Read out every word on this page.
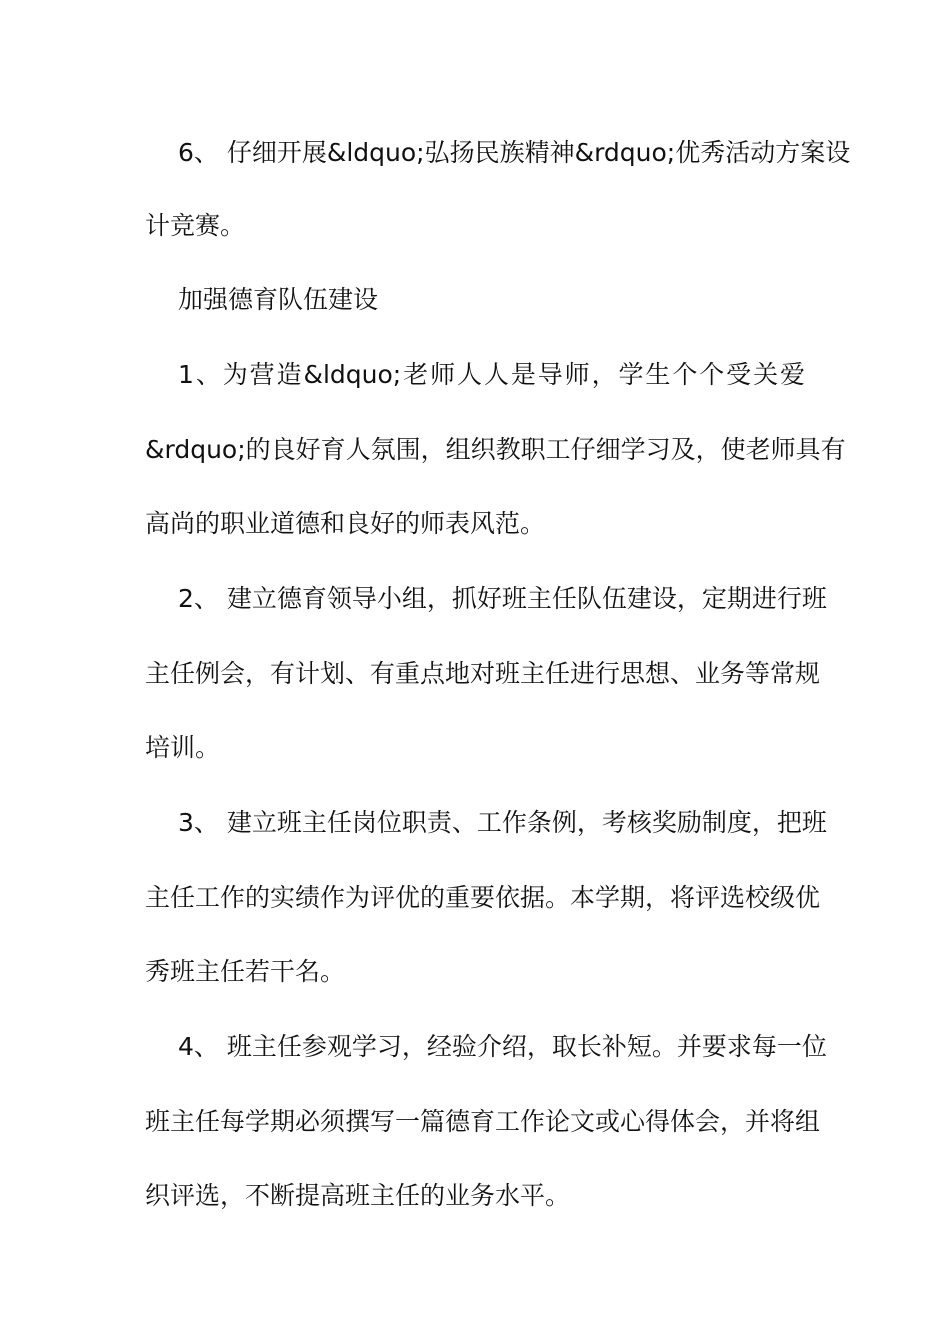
6、 仔细开展&ldquo;弘扬民族精神&rdquo;优秀活动方案设
计竞赛。
加强德育队伍建设
1、为营造&ldquo;老师人人是导师，学生个个受关爱
&rdquo;的良好育人氛围，组织教职工仔细学习及，使老师具有
高尚的职业道德和良好的师表风范。
2、 建立德育领导小组，抓好班主任队伍建设，定期进行班
主任例会，有计划、有重点地对班主任进行思想、业务等常规
培训。
3、 建立班主任岗位职责、工作条例，考核奖励制度，把班
主任工作的实绩作为评优的重要依据。本学期，将评选校级优
秀班主任若干名。
4、 班主任参观学习，经验介绍，取长补短。并要求每一位
班主任每学期必须撰写一篇德育工作论文或心得体会，并将组
织评选，不断提高班主任的业务水平。
